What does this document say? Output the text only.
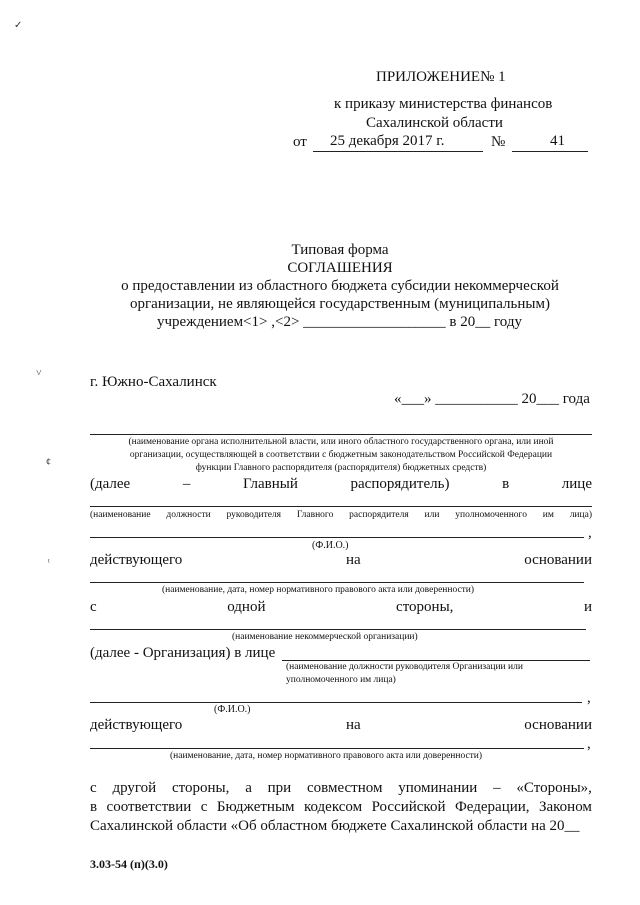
✓
˅
¢
ᵗ
ПРИЛОЖЕНИЕ№ 1
к приказу министерства финансов
Сахалинской области
от 25 декабря 2017 г.	№	41
Типовая форма
СОГЛАШЕНИЯ
о предоставлении из областного бюджета субсидии некоммерческой
организации, не являющейся государственным (муниципальным)
учреждением<1> ,<2> ___________________ в 20__ году
г. Южно-Сахалинск
«___» ___________ 20___ года
(наименование органа исполнительной власти, или иного областного государственного органа, или иной
организации, осуществляющей в соответствии с бюджетным законодательством Российской Федерации
функции Главного распорядителя (распорядителя) бюджетных средств)
(далее	–	Главный	распорядитель)	в	лице
(наименование должности руководителя Главного распорядителя или уполномоченного им лица)
,
(Ф.И.О.)
действующего	на	основании
(наименование, дата, номер нормативного правового акта или доверенности)
с	одной	стороны,	и
(наименование некоммерческой организации)
(далее - Организация) в лице
(наименование должности руководителя Организации или
уполномоченного им лица)
,
(Ф.И.О.)
действующего	на	основании
,
(наименование, дата, номер нормативного правового акта или доверенности)
с другой стороны, а при совместном упоминании – «Стороны»,
в соответствии с Бюджетным кодексом Российской Федерации, Законом
Сахалинской области «Об областном бюджете Сахалинской области на 20__
3.03-54 (п)(3.0)
